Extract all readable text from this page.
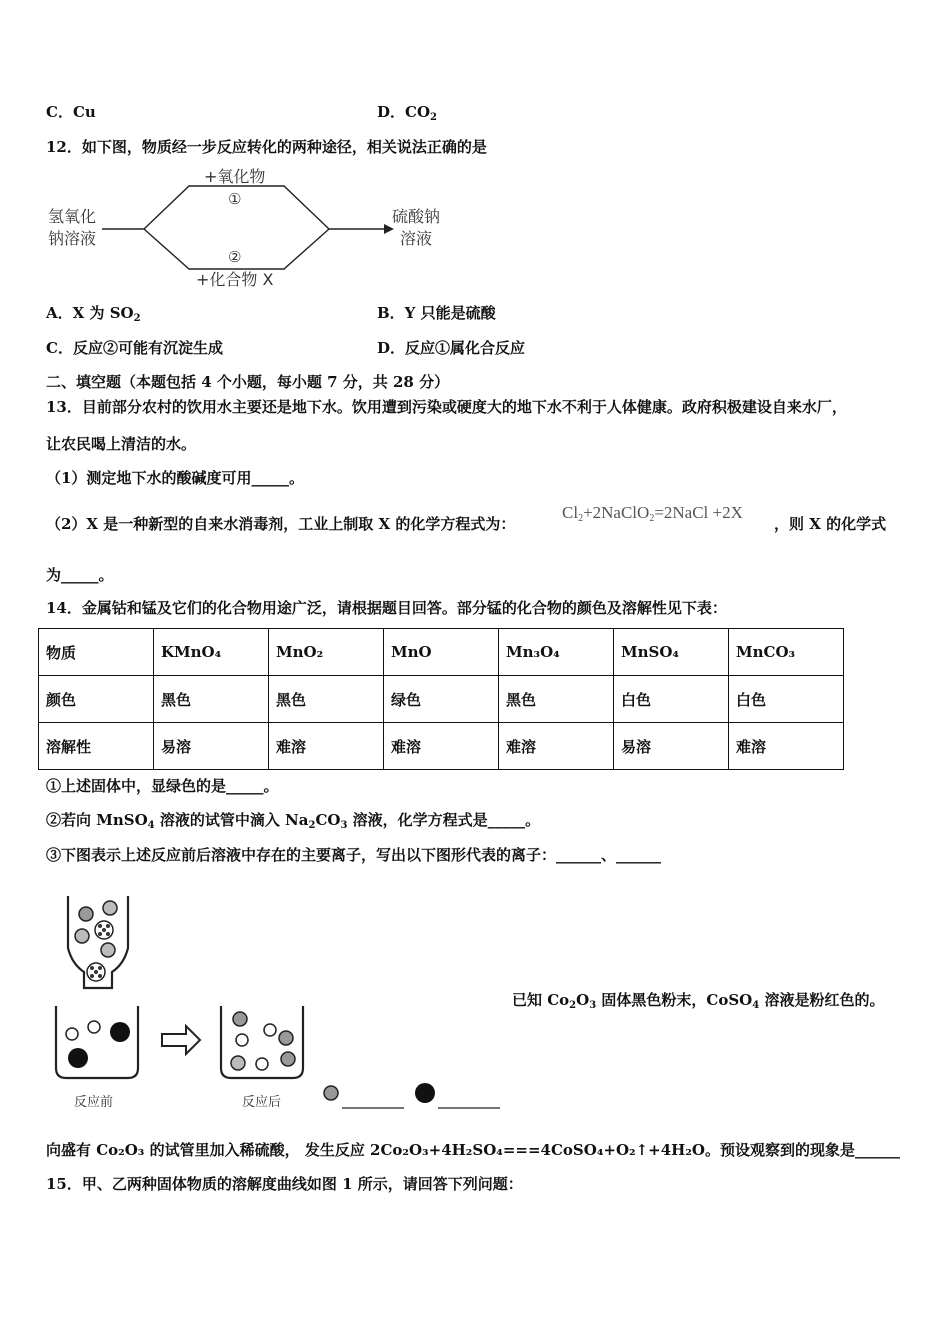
C．Cu	D．$CO_2$
12．如下图，物质经一步反应转化的两种途径，相关说法正确的是
氢氧化
钠溶液
+氧化物
①
②
+化合物 X
硫酸钠
溶液
A．X 为 $SO_2$	B．Y 只能是硫酸
C．反应②可能有沉淀生成	D．反应①属化合反应
二、填空题（本题包括 4 个小题，每小题 7 分，共 28 分）
13．目前部分农村的饮用水主要还是地下水。饮用遭到污染或硬度大的地下水不利于人体健康。政府积极建设自来水厂，
让农民喝上清洁的水。
（1）测定地下水的酸碱度可用_____。
（2）X 是一种新型的自来水消毒剂，工业上制取 X 的化学方程式为：
$Cl_2+2NaClO_2=2NaCl +2X$
，则 X 的化学式
为_____。
14．金属钴和锰及它们的化合物用途广泛，请根据题目回答。部分锰的化合物的颜色及溶解性见下表：
物质	KMnO₄	MnO₂	MnO	Mn₃O₄	MnSO₄	MnCO₃
颜色	黑色	黑色	绿色	黑色	白色	白色
溶解性	易溶	难溶	难溶	难溶	易溶	难溶
①上述固体中，显绿色的是_____。
②若向 MnSO$_4$ 溶液的试管中滴入 $Na_2CO_3$ 溶液，化学方程式是_____。
③下图表示上述反应前后溶液中存在的主要离子，写出以下图形代表的离子：______、______
反应前	反应后
已知 $Co_2O_3$ 固体黑色粉末，CoSO$_4$ 溶液是粉红色的。
向盛有 Co₂O₃ 的试管里加入稀硫酸， 发生反应 2Co₂O₃+4H₂SO₄===4CoSO₄+O₂↑+4H₂O。预设观察到的现象是______
15．甲、乙两种固体物质的溶解度曲线如图 1 所示，请回答下列问题：
